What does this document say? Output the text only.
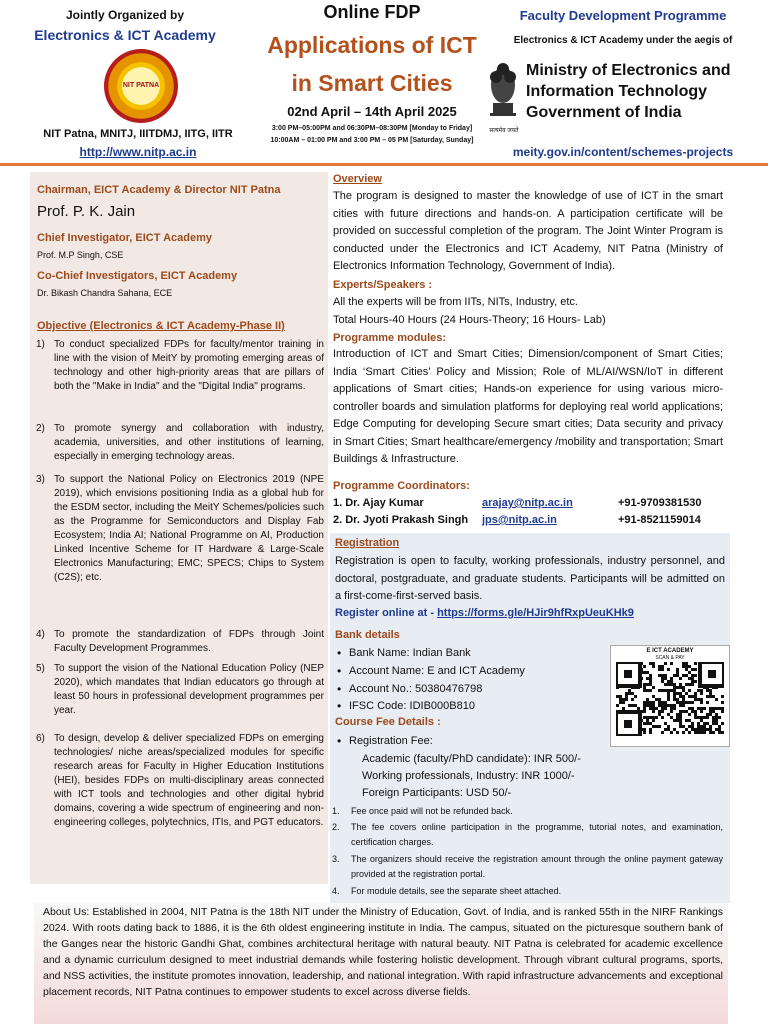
Jointly Organized by
Electronics & ICT Academy
NIT PATNA
NIT Patna, MNITJ, IIITDMJ, IITG, IITR
http://www.nitp.ac.in
Online FDP
Applications of ICT
in Smart Cities
02nd April – 14th April 2025
3:00 PM–05:00PM and 06:30PM–08:30PM [Monday to Friday]
10:00AM – 01:00 PM and 3:00 PM – 05 PM [Saturday, Sunday]
Faculty Development Programme
Electronics & ICT Academy under the aegis of
Ministry of Electronics and
Information Technology
Government of India
सत्यमेव जयते
meity.gov.in/content/schemes-projects
Chairman, EICT Academy & Director NIT Patna
Prof. P. K. Jain
Chief Investigator, EICT Academy
Prof. M.P Singh, CSE
Co-Chief Investigators, EICT Academy
Dr. Bikash Chandra Sahana, ECE
Objective (Electronics & ICT Academy-Phase II)
1) To conduct specialized FDPs for faculty/mentor training in line with the vision of MeitY by promoting emerging areas of technology and other high-priority areas that are pillars of both the "Make in India" and the "Digital India" programs.
2) To promote synergy and collaboration with industry, academia, universities, and other institutions of learning, especially in emerging technology areas.
3) To support the National Policy on Electronics 2019 (NPE 2019), which envisions positioning India as a global hub for the ESDM sector, including the MeitY Schemes/policies such as the Programme for Semiconductors and Display Fab Ecosystem; India AI; National Programme on AI, Production Linked Incentive Scheme for IT Hardware & Large-Scale Electronics Manufacturing; EMC; SPECS; Chips to System (C2S); etc.
4) To promote the standardization of FDPs through Joint Faculty Development Programmes.
5) To support the vision of the National Education Policy (NEP 2020), which mandates that Indian educators go through at least 50 hours in professional development programmes per year.
6) To design, develop & deliver specialized FDPs on emerging technologies/ niche areas/specialized modules for specific research areas for Faculty in Higher Education Institutions (HEI), besides FDPs on multi-disciplinary areas connected with ICT tools and technologies and other digital hybrid domains, covering a wide spectrum of engineering and non-engineering colleges, polytechnics, ITIs, and PGT educators.
Overview
The program is designed to master the knowledge of use of ICT in the smart cities with future directions and hands-on. A participation certificate will be provided on successful completion of the program. The Joint Winter Program is conducted under the Electronics and ICT Academy, NIT Patna (Ministry of Electronics Information Technology, Government of India).
Experts/Speakers :
All the experts will be from IITs, NITs, Industry, etc.
Total Hours-40 Hours (24 Hours-Theory; 16 Hours- Lab)
Programme modules:
Introduction of ICT and Smart Cities; Dimension/component of Smart Cities; India ‘Smart Cities’ Policy and Mission; Role of ML/AI/WSN/IoT in different applications of Smart cities; Hands-on experience for using various micro-controller boards and simulation platforms for deploying real world applications; Edge Computing for developing Secure smart cities; Data security and privacy in Smart Cities; Smart healthcare/emergency /mobility and transportation; Smart Buildings & Infrastructure.
Programme Coordinators:
1. Dr. Ajay Kumar	arajay@nitp.ac.in	+91-9709381530
2. Dr. Jyoti Prakash Singh jps@nitp.ac.in	+91-8521159014
Registration
Registration is open to faculty, working professionals, industry personnel, and doctoral, postgraduate, and graduate students. Participants will be admitted on a first-come-first-served basis.
Register online at - https://forms.gle/HJir9hfRxpUeuKHk9
Bank details
• Bank Name: Indian Bank
• Account Name: E and ICT Academy
• Account No.: 50380476798
• IFSC Code: IDIB000B810
E ICT ACADEMY
SCAN & PAY
Course Fee Details :
• Registration Fee:
Academic (faculty/PhD candidate): INR 500/-
Working professionals, Industry: INR 1000/-
Foreign Participants: USD 50/-
1. Fee once paid will not be refunded back.
2. The fee covers online participation in the programme, tutorial notes, and examination, certification charges.
3. The organizers should receive the registration amount through the online payment gateway provided at the registration portal.
4. For module details, see the separate sheet attached.
About Us: Established in 2004, NIT Patna is the 18th NIT under the Ministry of Education, Govt. of India, and is ranked 55th in the NIRF Rankings 2024. With roots dating back to 1886, it is the 6th oldest engineering institute in India. The campus, situated on the picturesque southern bank of the Ganges near the historic Gandhi Ghat, combines architectural heritage with natural beauty. NIT Patna is celebrated for academic excellence and a dynamic curriculum designed to meet industrial demands while fostering holistic development. Through vibrant cultural programs, sports, and NSS activities, the institute promotes innovation, leadership, and national integration. With rapid infrastructure advancements and exceptional placement records, NIT Patna continues to empower students to excel across diverse fields.
